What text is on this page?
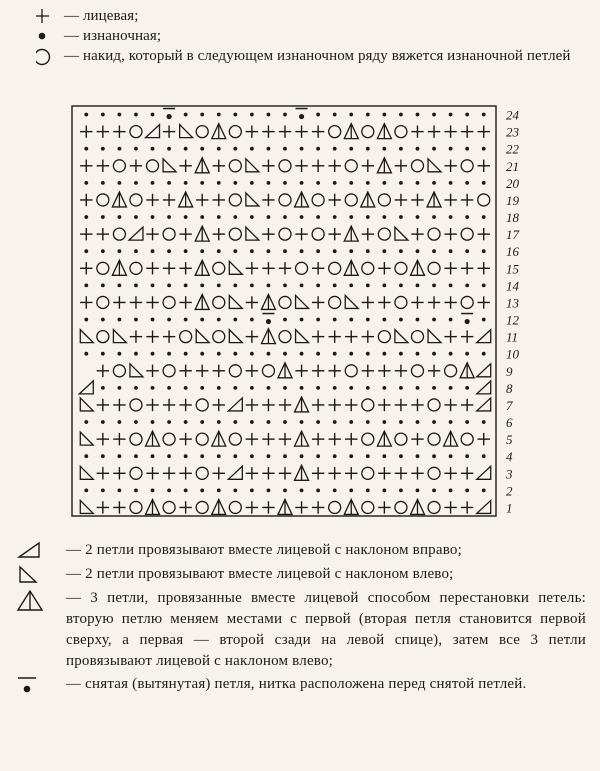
— лицевая;
— изнаночная;
— накид, который в следующем изнаночном ряду вяжется изнаночной петлей
1
2
3
4
5
6
7
8
9
10
11
12
13
14
15
16
17
18
19
20
21
22
23
24
— 2 петли провязывают вместе лицевой с наклоном вправо;
— 2 петли провязывают вместе лицевой с наклоном влево;
— 3 петли, провязанные вместе лицевой способом перестановки петель: вторую петлю меняем местами с первой (вторая петля становится первой сверху, а первая — второй сзади на левой спице), затем все 3 петли провязывают лицевой с наклоном влево;
— снятая (вытянутая) петля, нитка расположена перед снятой петлей.
